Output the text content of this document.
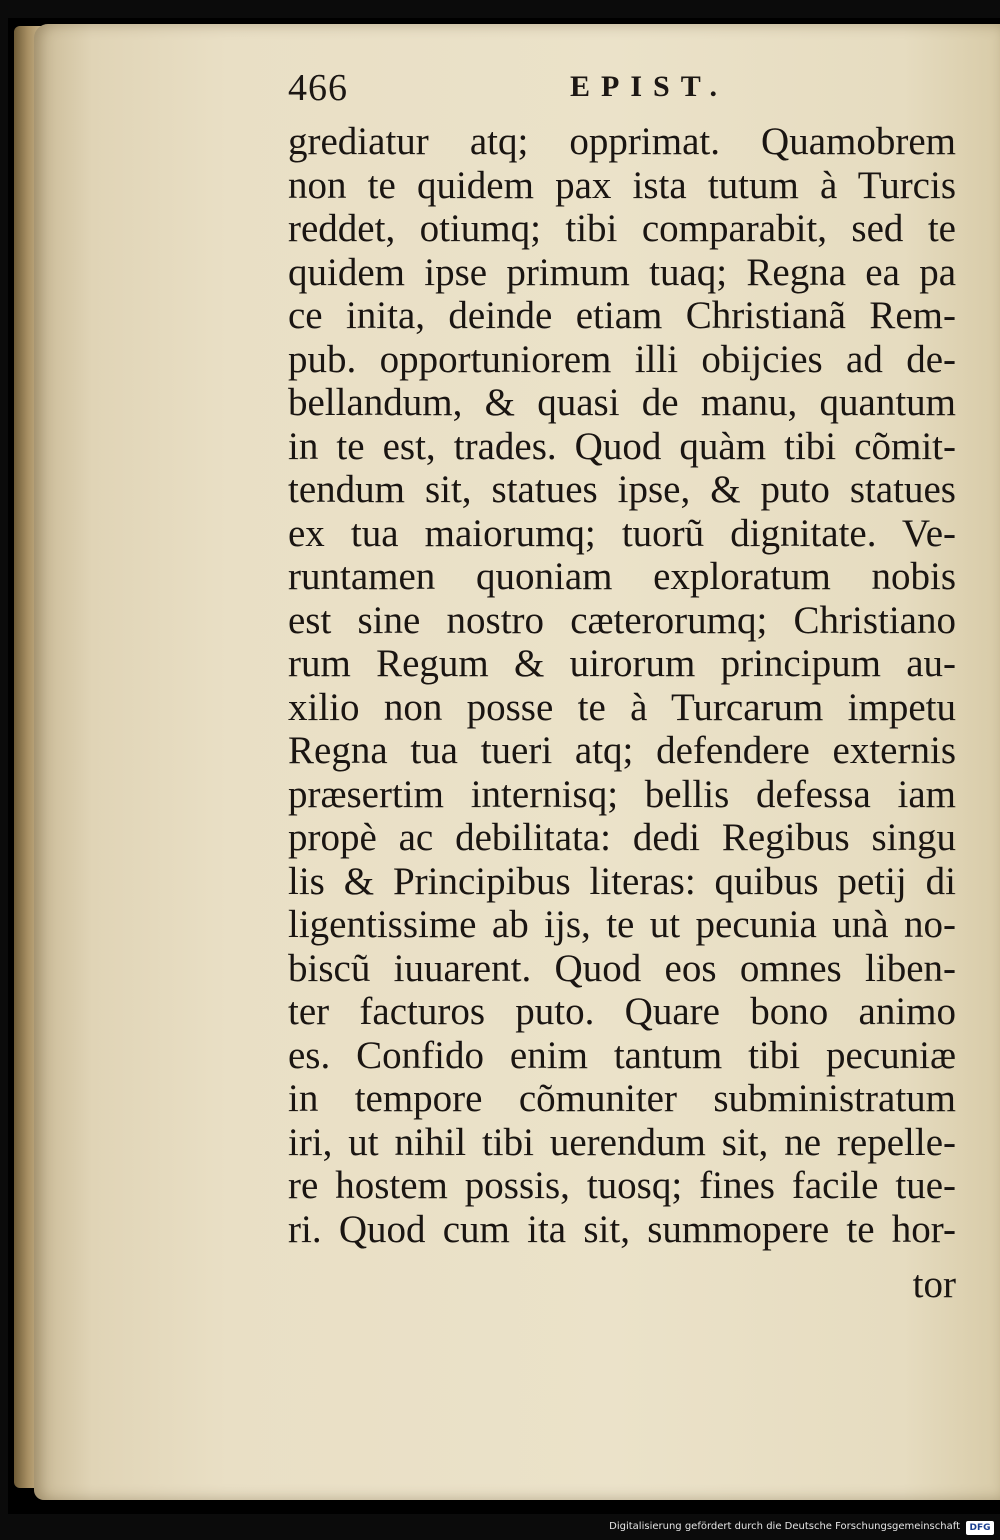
466	EPIST.
grediatur atq; opprimat. Quamobrem
non te quidem pax ista tutum à Turcis
reddet, otiumq; tibi comparabit, sed te
quidem ipse primum tuaq; Regna ea pa
ce inita, deinde etiam Christianã Rem-
pub. opportuniorem illi obijcies ad de-
bellandum, & quasi de manu, quantum
in te est, trades. Quod quàm tibi cõmit-
tendum sit, statues ipse, & puto statues
ex tua maiorumq; tuorũ dignitate. Ve-
runtamen quoniam exploratum nobis
est sine nostro cæterorumq; Christiano
rum Regum & uirorum principum au-
xilio non posse te à Turcarum impetu
Regna tua tueri atq; defendere externis
præsertim internisq; bellis defessa iam
propè ac debilitata: dedi Regibus singu
lis & Principibus literas: quibus petij di
ligentissime ab ijs, te ut pecunia unà no-
biscũ iuuarent. Quod eos omnes liben-
ter facturos puto. Quare bono animo
es. Confido enim tantum tibi pecuniæ
in tempore cõmuniter subministratum
iri, ut nihil tibi uerendum sit, ne repelle-
re hostem possis, tuosq; fines facile tue-
ri. Quod cum ita sit, summopere te hor-
tor
Digitalisierung gefördert durch die Deutsche Forschungsgemeinschaft	DFG
